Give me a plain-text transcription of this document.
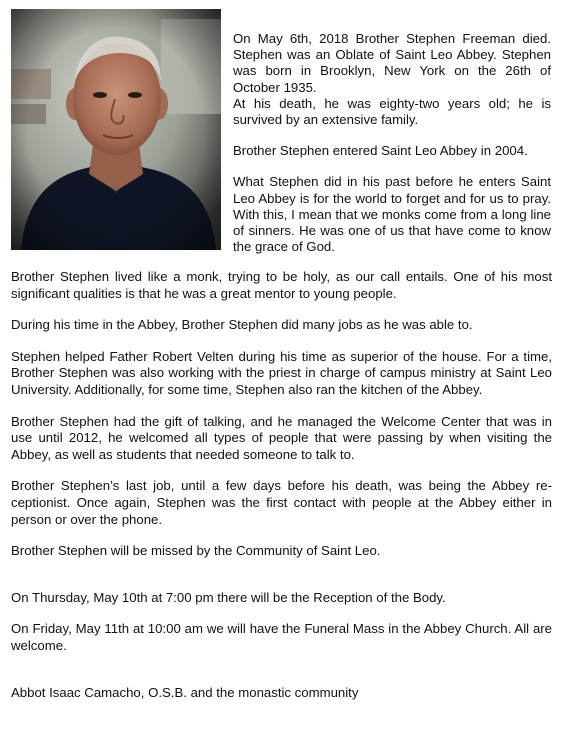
On May 6th, 2018 Brother Stephen Freeman died. Stephen was an Oblate of Saint Leo Abbey. Stephen was born in Brooklyn, New York on the 26th of October 1935.

At his death, he was eighty-two years old; he is survived by an extensive family.

Brother Stephen entered Saint Leo Abbey in 2004.

What Stephen did in his past before he enters Saint Leo Abbey is for the world to forget and for us to pray. With this, I mean that we monks come from a long line of sinners. He was one of us that have come to know the grace of God.

Brother Stephen lived like a monk, trying to be holy, as our call entails. One of his most significant qualities is that he was a great mentor to young people.

During his time in the Abbey, Brother Stephen did many jobs as he was able to.

Stephen helped Father Robert Velten during his time as superior of the house. For a time, Brother Stephen was also working with the priest in charge of campus ministry at Saint Leo University. Additionally, for some time, Stephen also ran the kitchen of the Abbey.

Brother Stephen had the gift of talking, and he managed the Welcome Center that was in use until 2012, he welcomed all types of people that were passing by when visiting the Abbey, as well as students that needed someone to talk to.

Brother Stephen’s last job, until a few days before his death, was being the Abbey re-ceptionist. Once again, Stephen was the first contact with people at the Abbey either in person or over the phone.

Brother Stephen will be missed by the Community of Saint Leo.

On Thursday, May 10th at 7:00 pm there will be the Reception of the Body.

On Friday, May 11th at 10:00 am we will have the Funeral Mass in the Abbey Church. All are welcome.

Abbot Isaac Camacho, O.S.B. and the monastic community
